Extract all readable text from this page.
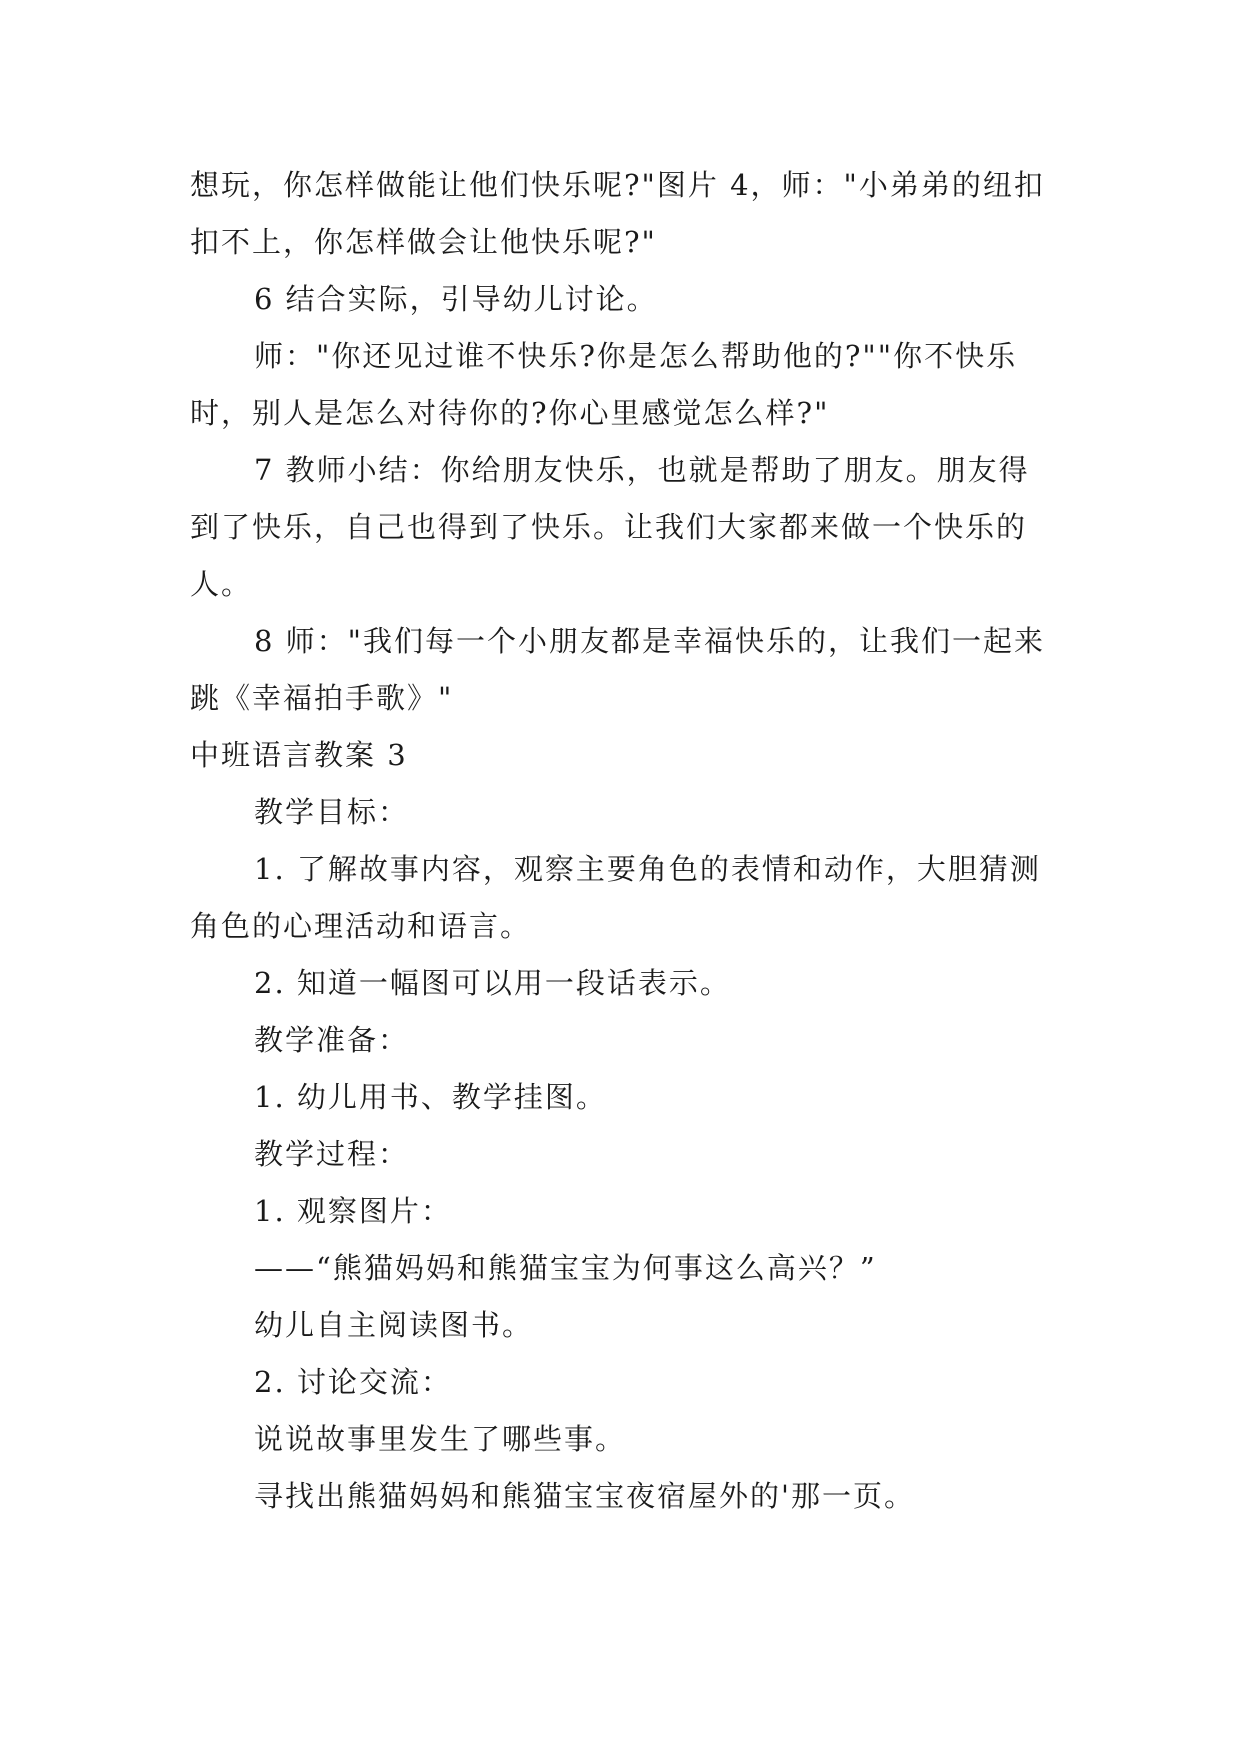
想玩，你怎样做能让他们快乐呢?"图片 4，师："小弟弟的纽扣扣不上，你怎样做会让他快乐呢?"

6 结合实际，引导幼儿讨论。

师："你还见过谁不快乐?你是怎么帮助他的?""你不快乐时，别人是怎么对待你的?你心里感觉怎么样?"

7 教师小结：你给朋友快乐，也就是帮助了朋友。朋友得到了快乐，自己也得到了快乐。让我们大家都来做一个快乐的人。

8 师："我们每一个小朋友都是幸福快乐的，让我们一起来跳《幸福拍手歌》"

中班语言教案 3

教学目标：

1. 了解故事内容，观察主要角色的表情和动作，大胆猜测角色的心理活动和语言。

2. 知道一幅图可以用一段话表示。

教学准备：

1. 幼儿用书、教学挂图。

教学过程：

1. 观察图片：

——“熊猫妈妈和熊猫宝宝为何事这么高兴？”

幼儿自主阅读图书。

2. 讨论交流：

说说故事里发生了哪些事。

寻找出熊猫妈妈和熊猫宝宝夜宿屋外的'那一页。
